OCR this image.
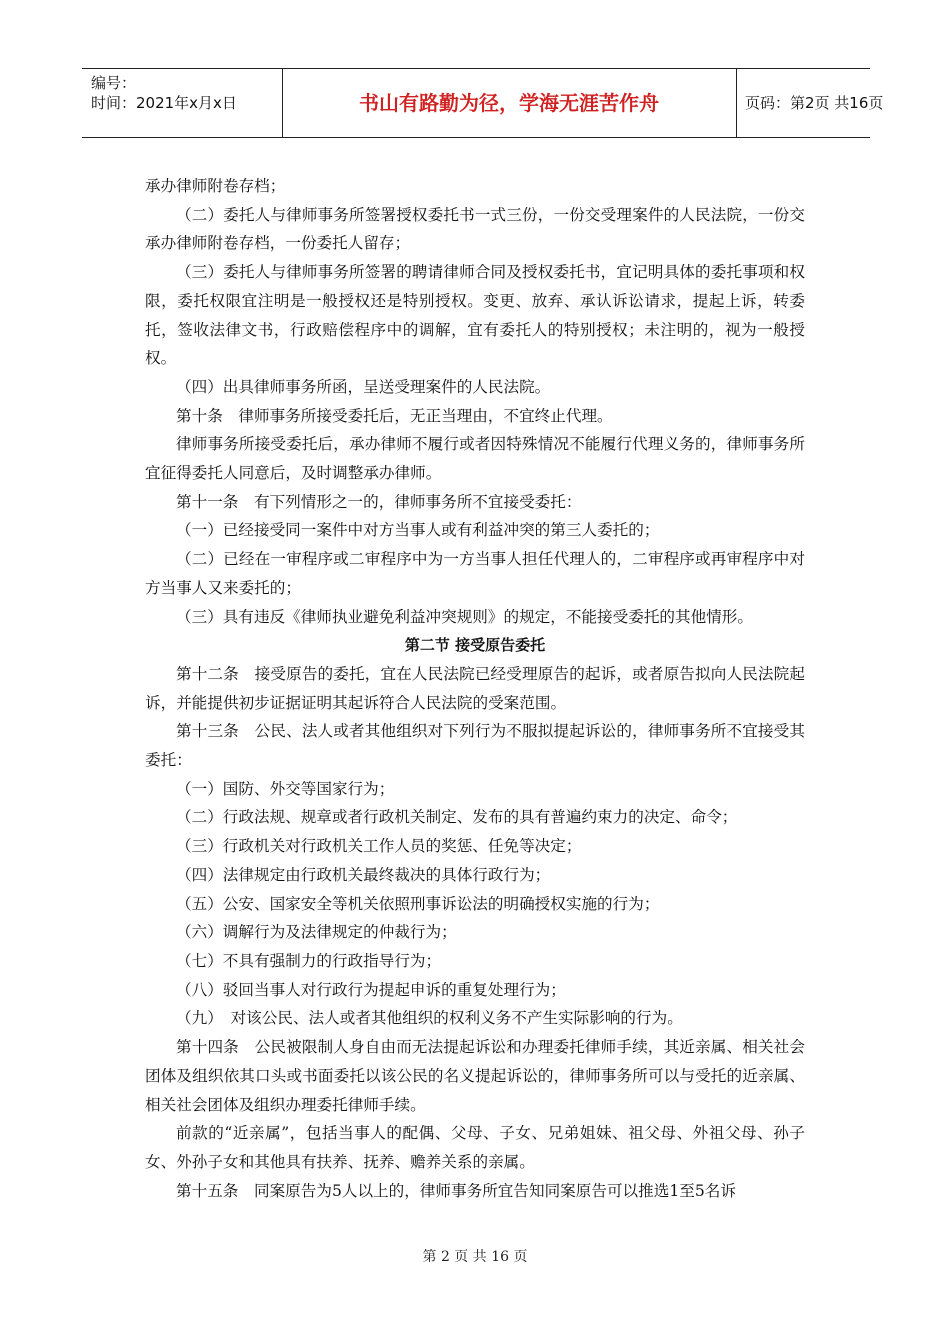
编号：
时间：2021年x月x日	书山有路勤为径，学海无涯苦作舟	页码：第2页 共16页

承办律师附卷存档；

（二）委托人与律师事务所签署授权委托书一式三份，一份交受理案件的人民法院，一份交承办律师附卷存档，一份委托人留存；

（三）委托人与律师事务所签署的聘请律师合同及授权委托书，宜记明具体的委托事项和权限，委托权限宜注明是一般授权还是特别授权。变更、放弃、承认诉讼请求，提起上诉，转委托，签收法律文书，行政赔偿程序中的调解，宜有委托人的特别授权；未注明的，视为一般授权。

（四）出具律师事务所函，呈送受理案件的人民法院。

第十条　律师事务所接受委托后，无正当理由，不宜终止代理。

律师事务所接受委托后，承办律师不履行或者因特殊情况不能履行代理义务的，律师事务所宜征得委托人同意后，及时调整承办律师。

第十一条　有下列情形之一的，律师事务所不宜接受委托：

（一）已经接受同一案件中对方当事人或有利益冲突的第三人委托的；

（二）已经在一审程序或二审程序中为一方当事人担任代理人的，二审程序或再审程序中对方当事人又来委托的；

（三）具有违反《律师执业避免利益冲突规则》的规定，不能接受委托的其他情形。

第二节 接受原告委托

第十二条　接受原告的委托，宜在人民法院已经受理原告的起诉，或者原告拟向人民法院起诉，并能提供初步证据证明其起诉符合人民法院的受案范围。

第十三条　公民、法人或者其他组织对下列行为不服拟提起诉讼的，律师事务所不宜接受其委托：

（一）国防、外交等国家行为；

（二）行政法规、规章或者行政机关制定、发布的具有普遍约束力的决定、命令；

（三）行政机关对行政机关工作人员的奖惩、任免等决定；

（四）法律规定由行政机关最终裁决的具体行政行为；

（五）公安、国家安全等机关依照刑事诉讼法的明确授权实施的行为；

（六）调解行为及法律规定的仲裁行为；

（七）不具有强制力的行政指导行为；

（八）驳回当事人对行政行为提起申诉的重复处理行为；

（九）　对该公民、法人或者其他组织的权利义务不产生实际影响的行为。

第十四条　公民被限制人身自由而无法提起诉讼和办理委托律师手续，其近亲属、相关社会团体及组织依其口头或书面委托以该公民的名义提起诉讼的，律师事务所可以与受托的近亲属、相关社会团体及组织办理委托律师手续。

前款的“近亲属”，包括当事人的配偶、父母、子女、兄弟姐妹、祖父母、外祖父母、孙子女、外孙子女和其他具有扶养、抚养、赡养关系的亲属。

第十五条　同案原告为5人以上的，律师事务所宜告知同案原告可以推选1至5名诉

第 2 页 共 16 页
